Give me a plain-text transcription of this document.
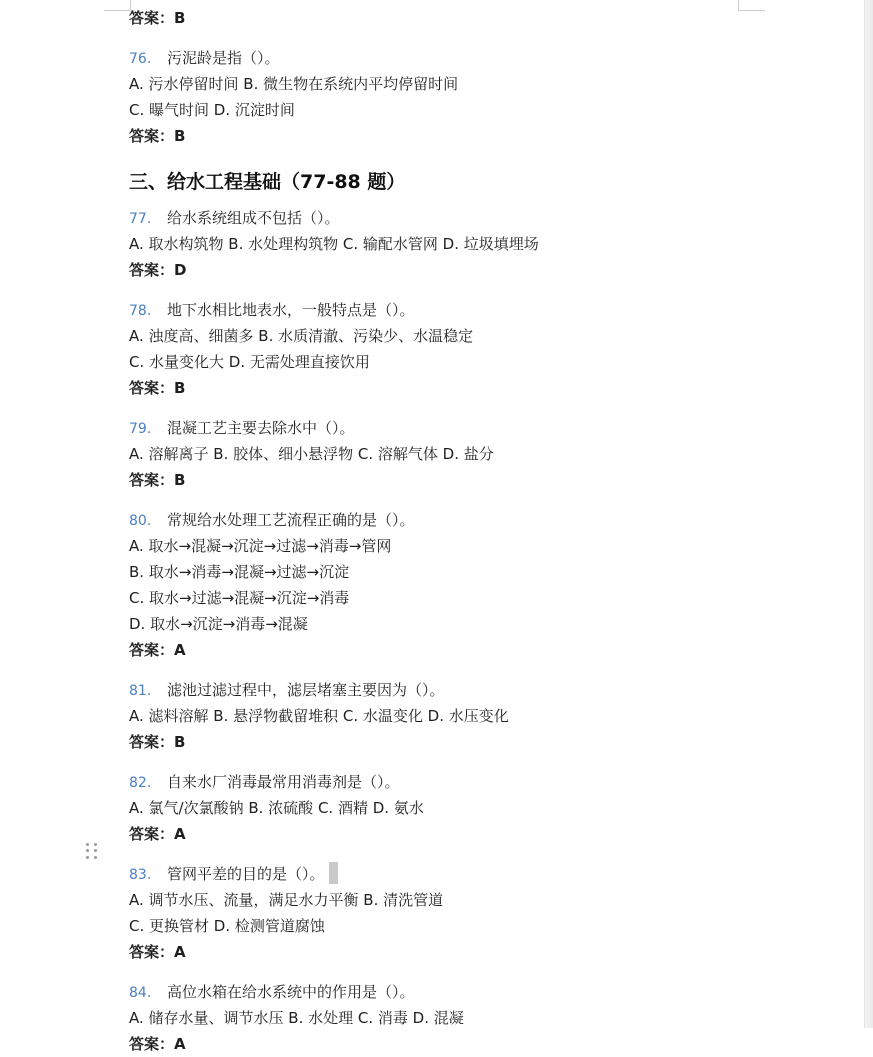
答案：B
76. 污泥龄是指（）。
A. 污水停留时间 B. 微生物在系统内平均停留时间
C. 曝气时间 D. 沉淀时间
答案：B
三、给水工程基础（77-88 题）
77. 给水系统组成不包括（）。
A. 取水构筑物 B. 水处理构筑物 C. 输配水管网 D. 垃圾填埋场
答案：D
78. 地下水相比地表水，一般特点是（）。
A. 浊度高、细菌多 B. 水质清澈、污染少、水温稳定
C. 水量变化大 D. 无需处理直接饮用
答案：B
79. 混凝工艺主要去除水中（）。
A. 溶解离子 B. 胶体、细小悬浮物 C. 溶解气体 D. 盐分
答案：B
80. 常规给水处理工艺流程正确的是（）。
A. 取水→混凝→沉淀→过滤→消毒→管网
B. 取水→消毒→混凝→过滤→沉淀
C. 取水→过滤→混凝→沉淀→消毒
D. 取水→沉淀→消毒→混凝
答案：A
81. 滤池过滤过程中，滤层堵塞主要因为（）。
A. 滤料溶解 B. 悬浮物截留堆积 C. 水温变化 D. 水压变化
答案：B
82. 自来水厂消毒最常用消毒剂是（）。
A. 氯气/次氯酸钠 B. 浓硫酸 C. 酒精 D. 氨水
答案：A
83. 管网平差的目的是（）。
A. 调节水压、流量，满足水力平衡 B. 清洗管道
C. 更换管材 D. 检测管道腐蚀
答案：A
84. 高位水箱在给水系统中的作用是（）。
A. 储存水量、调节水压 B. 水处理 C. 消毒 D. 混凝
答案：A
